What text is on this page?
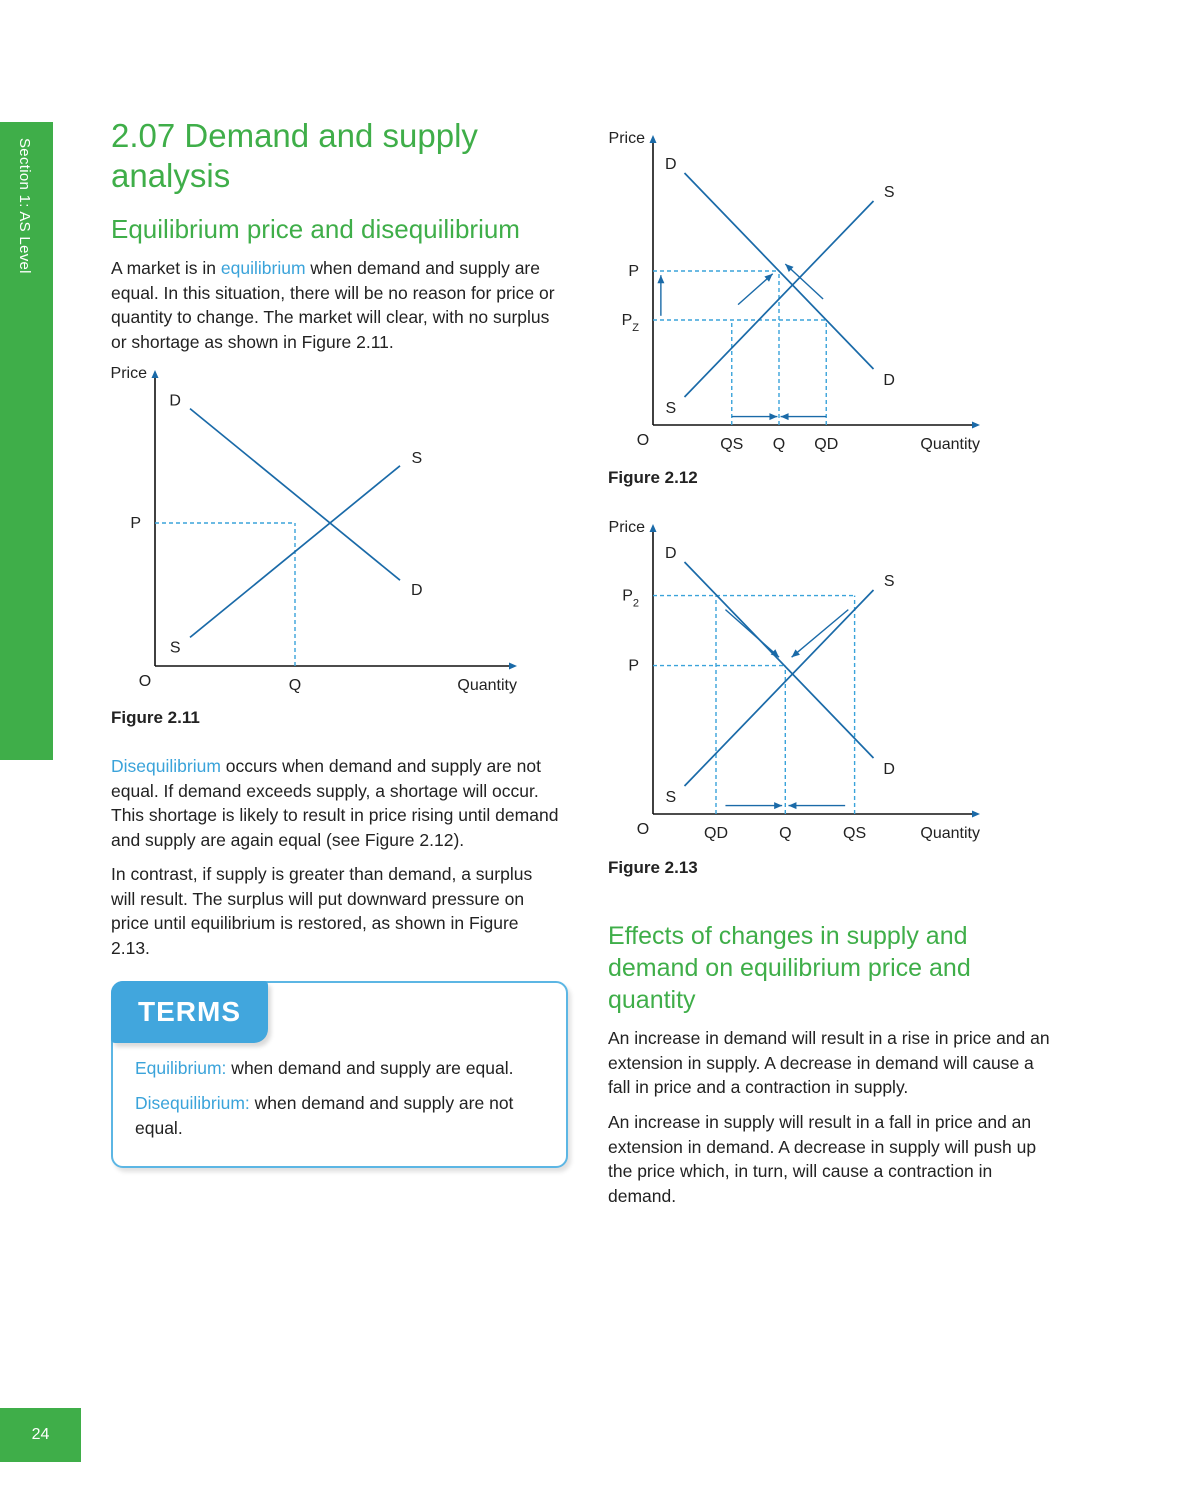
Section 1: AS Level
24
2.07 Demand and supply analysis
Equilibrium price and disequilibrium

A market is in equilibrium when demand and supply are equal. In this situation, there will be no reason for price or quantity to change. The market will clear, with no surplus or shortage as shown in Figure 2.11.

Price
Quantity
O
P
Q
D
D
S
S

Figure 2.11

Disequilibrium occurs when demand and supply are not equal. If demand exceeds supply, a shortage will occur. This shortage is likely to result in price rising until demand and supply are again equal (see Figure 2.12).

In contrast, if supply is greater than demand, a surplus will result. The surplus will put downward pressure on price until equilibrium is restored, as shown in Figure 2.13.

TERMS

Equilibrium: when demand and supply are equal.

Disequilibrium: when demand and supply are not equal.

Price
Quantity
O
P
$P_Z$
QS Q QD
D
D
S
S

Figure 2.12

Price
Quantity
O
$P_2$
P
QD	Q	QS
D
D
S
S

Figure 2.13

Effects of changes in supply and demand on equilibrium price and quantity

An increase in demand will result in a rise in price and an extension in supply. A decrease in demand will cause a fall in price and a contraction in supply.

An increase in supply will result in a fall in price and an extension in demand. A decrease in supply will push up the price which, in turn, will cause a contraction in demand.
